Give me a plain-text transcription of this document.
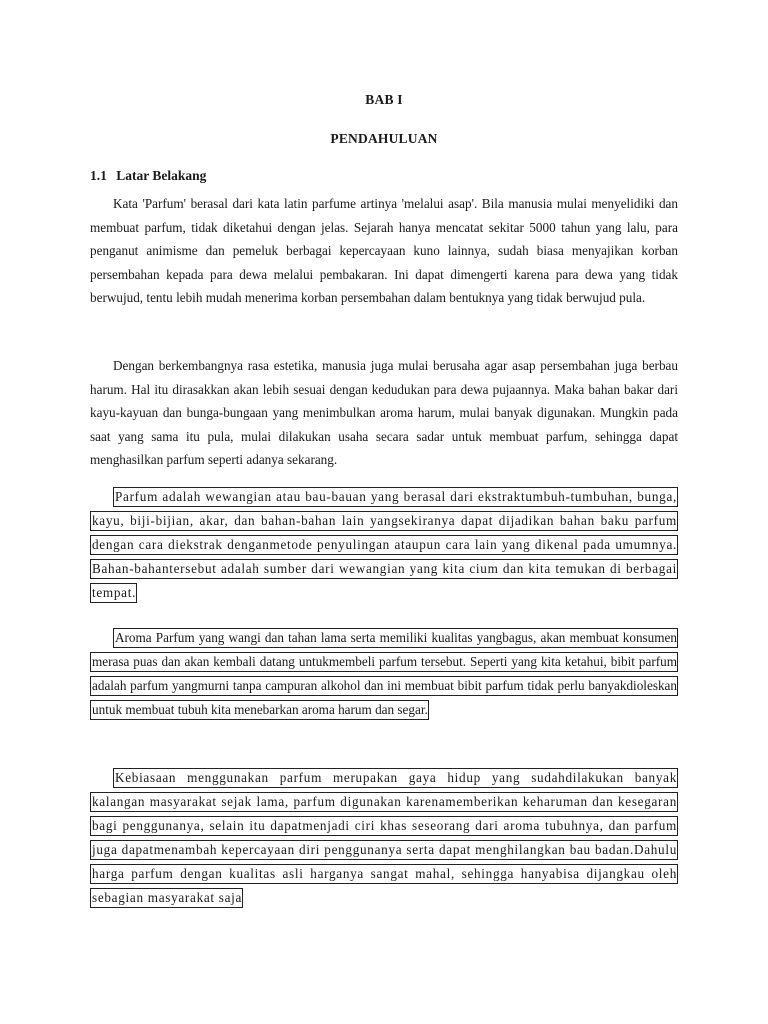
BAB I
PENDAHULUAN
1.1 Latar Belakang

Kata 'Parfum' berasal dari kata latin parfume artinya 'melalui asap'. Bila manusia mulai menyelidiki dan membuat parfum, tidak diketahui dengan jelas. Sejarah hanya mencatat sekitar 5000 tahun yang lalu, para penganut animisme dan pemeluk berbagai kepercayaan kuno lainnya, sudah biasa menyajikan korban persembahan kepada para dewa melalui pembakaran. Ini dapat dimengerti karena para dewa yang tidak berwujud, tentu lebih mudah menerima korban persembahan dalam bentuknya yang tidak berwujud pula.

Dengan berkembangnya rasa estetika, manusia juga mulai berusaha agar asap persembahan juga berbau harum. Hal itu dirasakkan akan lebih sesuai dengan kedudukan para dewa pujaannya. Maka bahan bakar dari kayu-kayuan dan bunga-bungaan yang menimbulkan aroma harum, mulai banyak digunakan. Mungkin pada saat yang sama itu pula, mulai dilakukan usaha secara sadar untuk membuat parfum, sehingga dapat menghasilkan parfum seperti adanya sekarang.

Parfum adalah wewangian atau bau-bauan yang berasal dari ekstraktumbuh-tumbuhan, bunga, kayu, biji-bijian, akar, dan bahan-bahan lain yangsekiranya dapat dijadikan bahan baku parfum dengan cara diekstrak denganmetode penyulingan ataupun cara lain yang dikenal pada umumnya. Bahan-bahantersebut adalah sumber dari wewangian yang kita cium dan kita temukan di berbagai tempat.

Aroma Parfum yang wangi dan tahan lama serta memiliki kualitas yangbagus, akan membuat konsumen merasa puas dan akan kembali datang untukmembeli parfum tersebut. Seperti yang kita ketahui, bibit parfum adalah parfum yangmurni tanpa campuran alkohol dan ini membuat bibit parfum tidak perlu banyakdioleskan untuk membuat tubuh kita menebarkan aroma harum dan segar.

Kebiasaan menggunakan parfum merupakan gaya hidup yang sudahdilakukan banyak kalangan masyarakat sejak lama, parfum digunakan karenamemberikan keharuman dan kesegaran bagi penggunanya, selain itu dapatmenjadi ciri khas seseorang dari aroma tubuhnya, dan parfum juga dapatmenambah kepercayaan diri penggunanya serta dapat menghilangkan bau badan.Dahulu harga parfum dengan kualitas asli harganya sangat mahal, sehingga hanyabisa dijangkau oleh sebagian masyarakat saja
